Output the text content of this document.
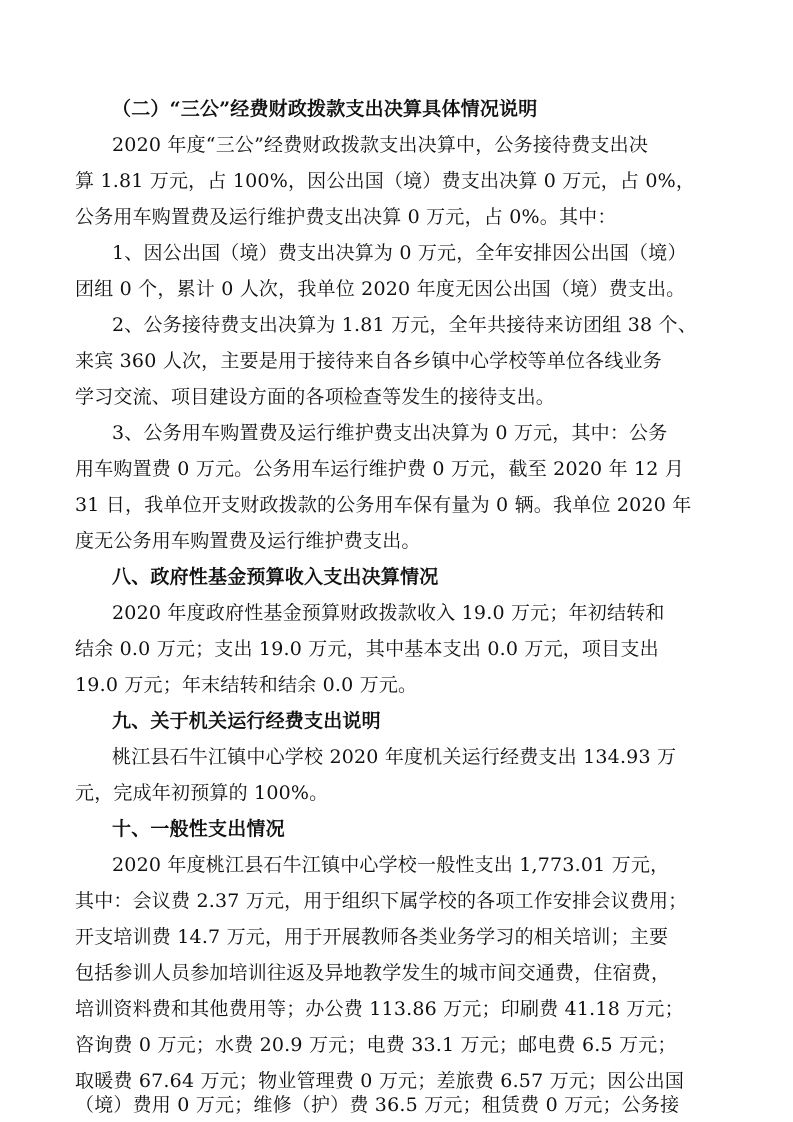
（二）“三公”经费财政拨款支出决算具体情况说明
2020 年度“三公”经费财政拨款支出决算中，公务接待费支出决
算 1.81 万元，占 100%，因公出国（境）费支出决算 0 万元，占 0%，
公务用车购置费及运行维护费支出决算 0 万元，占 0%。其中：
1、因公出国（境）费支出决算为 0 万元，全年安排因公出国（境）
团组 0 个，累计 0 人次，我单位 2020 年度无因公出国（境）费支出。
2、公务接待费支出决算为 1.81 万元，全年共接待来访团组 38 个、
来宾 360 人次，主要是用于接待来自各乡镇中心学校等单位各线业务
学习交流、项目建设方面的各项检查等发生的接待支出。
3、公务用车购置费及运行维护费支出决算为 0 万元，其中：公务
用车购置费 0 万元。公务用车运行维护费 0 万元，截至 2020 年 12 月
31 日，我单位开支财政拨款的公务用车保有量为 0 辆。我单位 2020 年
度无公务用车购置费及运行维护费支出。
八、政府性基金预算收入支出决算情况
2020 年度政府性基金预算财政拨款收入 19.0 万元；年初结转和
结余 0.0 万元；支出 19.0 万元，其中基本支出 0.0 万元，项目支出
19.0 万元；年末结转和结余 0.0 万元。
九、关于机关运行经费支出说明
桃江县石牛江镇中心学校 2020 年度机关运行经费支出 134.93 万
元，完成年初预算的 100%。
十、一般性支出情况
2020 年度桃江县石牛江镇中心学校一般性支出 1,773.01 万元，
其中：会议费 2.37 万元，用于组织下属学校的各项工作安排会议费用；
开支培训费 14.7 万元，用于开展教师各类业务学习的相关培训；主要
包括参训人员参加培训往返及异地教学发生的城市间交通费，住宿费，
培训资料费和其他费用等；办公费 113.86 万元；印刷费 41.18 万元；
咨询费 0 万元；水费 20.9 万元；电费 33.1 万元；邮电费 6.5 万元；
取暖费 67.64 万元；物业管理费 0 万元；差旅费 6.57 万元；因公出国
（境）费用 0 万元；维修（护）费 36.5 万元；租赁费 0 万元；公务接
